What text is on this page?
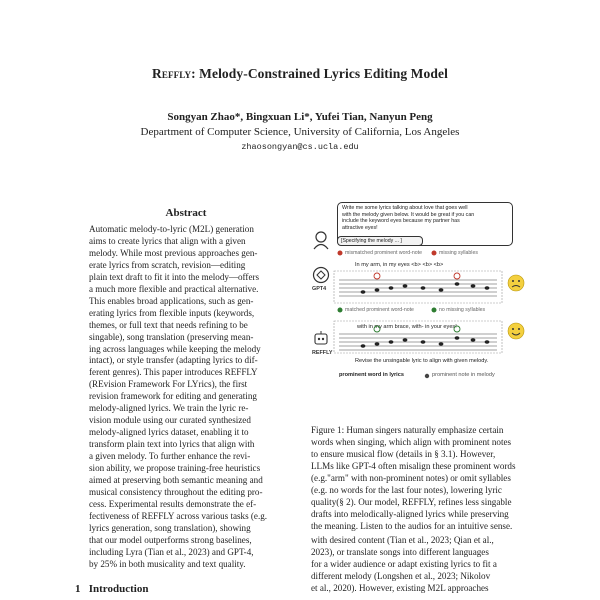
Reffly: Melody-Constrained Lyrics Editing Model
Songyan Zhao*, Bingxuan Li*, Yufei Tian, Nanyun Peng
Department of Computer Science, University of California, Los Angeles
zhaosongyan@cs.ucla.edu
Abstract
Automatic melody-to-lyric (M2L) generation
aims to create lyrics that align with a given
melody. While most previous approaches gen-
erate lyrics from scratch, revision—editing
plain text draft to fit it into the melody—offers
a much more flexible and practical alternative.
This enables broad applications, such as gen-
erating lyrics from flexible inputs (keywords,
themes, or full text that needs refining to be
singable), song translation (preserving mean-
ing across languages while keeping the melody
intact), or style transfer (adapting lyrics to dif-
ferent genres). This paper introduces REFFLY
(REvision Framework For LYrics), the first
revision framework for editing and generating
melody-aligned lyrics. We train the lyric re-
vision module using our curated synthesized
melody-aligned lyrics dataset, enabling it to
transform plain text into lyrics that align with
a given melody. To further enhance the revi-
sion ability, we propose training-free heuristics
aimed at preserving both semantic meaning and
musical consistency throughout the editing pro-
cess. Experimental results demonstrate the ef-
fectiveness of REFFLY across various tasks (e.g.
lyrics generation, song translation), showing
that our model outperforms strong baselines,
including Lyra (Tian et al., 2023) and GPT-4,
by 25% in both musicality and text quality.
1 Introduction
Write me some lyrics talking about love that goes well
with the melody given below. It would be great if you can
include the keyword eyes because my partner has
attractive eyes!
[Specifying the melody ... ]
mismatched prominent word-note	missing syllables
GPT4
In my arm, in my eyes <b> <b> <b>
matched prominent word-note	no missing syllables
REFFLY
with in my arm brace, with- in your eyes!
Revise the unsingable lyric to align with given melody.
prominent word in lyrics	prominent note in melody
Figure 1: Human singers naturally emphasize certain
words when singing, which align with prominent notes
to ensure musical flow (details in § 3.1). However,
LLMs like GPT-4 often misalign these prominent words
(e.g."arm" with non-prominent notes) or omit syllables
(e.g. no words for the last four notes), lowering lyric
quality(§ 2). Our model, REFFLY, refines less singable
drafts into melodically-aligned lyrics while preserving
the meaning. Listen to the audios for an intuitive sense.
with desired content (Tian et al., 2023; Qian et al.,
2023), or translate songs into different languages
for a wider audience or adapt existing lyrics to fit a
different melody (Longshen et al., 2023; Nikolov
et al., 2020). However, existing M2L approaches
